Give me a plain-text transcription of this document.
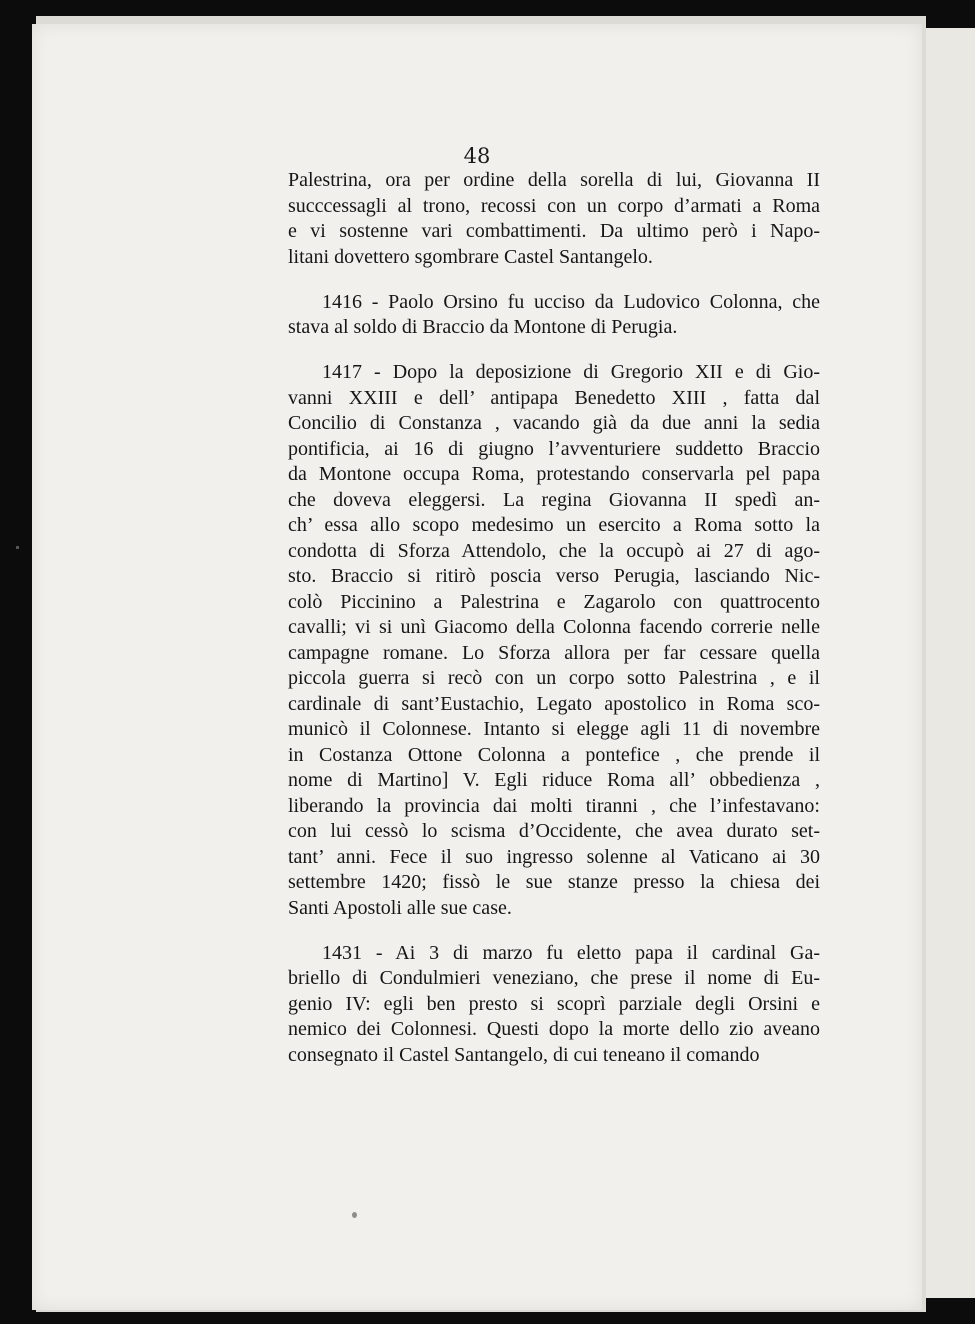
48
Palestrina, ora per ordine della sorella di lui, Giovanna II
succcessagli al trono, recossi con un corpo d’armati a Roma
e vi sostenne vari combattimenti. Da ultimo però i Napo-
litani dovettero sgombrare Castel Santangelo.
1416 - Paolo Orsino fu ucciso da Ludovico Colonna, che
stava al soldo di Braccio da Montone di Perugia.
1417 - Dopo la deposizione di Gregorio XII e di Gio-
vanni XXIII e dell’ antipapa Benedetto XIII , fatta dal
Concilio di Constanza , vacando già da due anni la sedia
pontificia, ai 16 di giugno l’avventuriere suddetto Braccio
da Montone occupa Roma, protestando conservarla pel papa
che doveva eleggersi. La regina Giovanna II spedì an-
ch’ essa allo scopo medesimo un esercito a Roma sotto la
condotta di Sforza Attendolo, che la occupò ai 27 di ago-
sto. Braccio si ritirò poscia verso Perugia, lasciando Nic-
colò Piccinino a Palestrina e Zagarolo con quattrocento
cavalli; vi si unì Giacomo della Colonna facendo correrie nelle
campagne romane. Lo Sforza allora per far cessare quella
piccola guerra si recò con un corpo sotto Palestrina , e il
cardinale di sant’Eustachio, Legato apostolico in Roma sco-
municò il Colonnese. Intanto si elegge agli 11 di novembre
in Costanza Ottone Colonna a pontefice , che prende il
nome di Martino] V. Egli riduce Roma all’ obbedienza ,
liberando la provincia dai molti tiranni , che l’infestavano:
con lui cessò lo scisma d’Occidente, che avea durato set-
tant’ anni. Fece il suo ingresso solenne al Vaticano ai 30
settembre 1420; fissò le sue stanze presso la chiesa dei
Santi Apostoli alle sue case.
1431 - Ai 3 di marzo fu eletto papa il cardinal Ga-
briello di Condulmieri veneziano, che prese il nome di Eu-
genio IV: egli ben presto si scoprì parziale degli Orsini e
nemico dei Colonnesi. Questi dopo la morte dello zio aveano
consegnato il Castel Santangelo, di cui teneano il comando
